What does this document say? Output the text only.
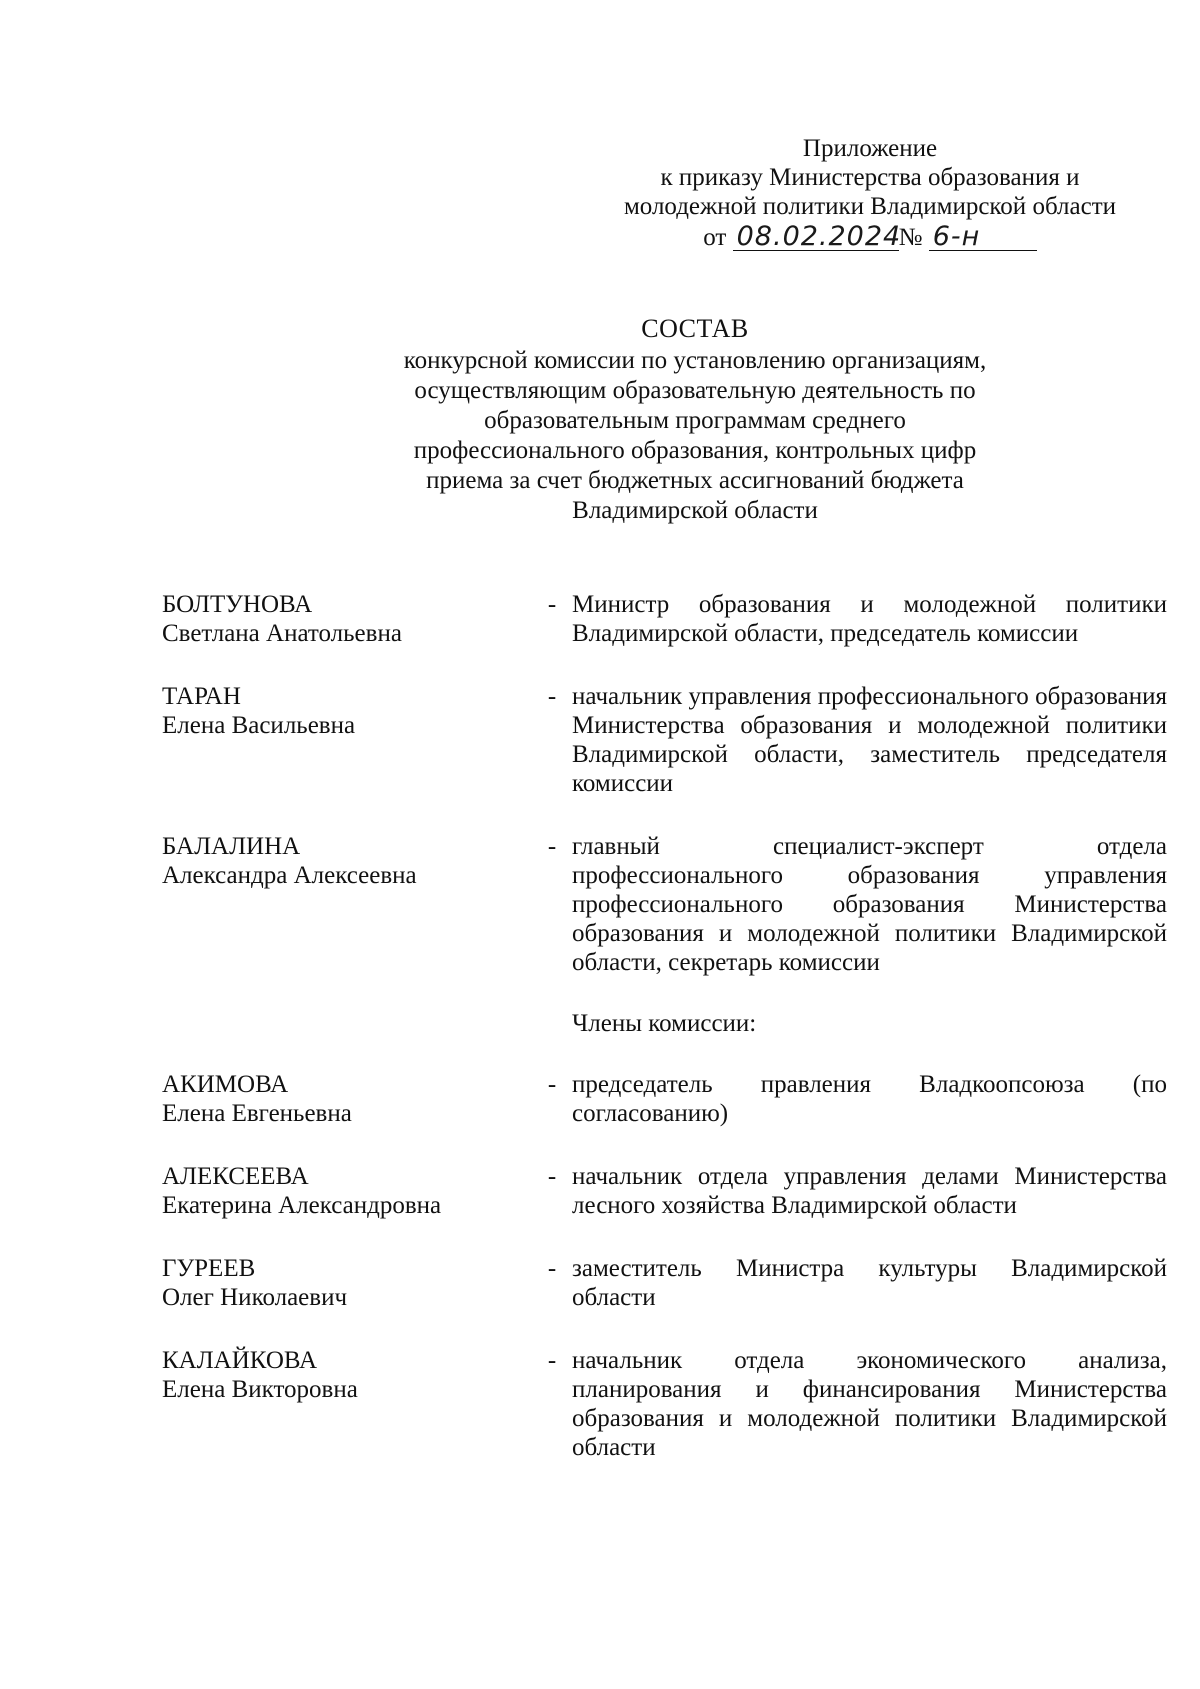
Приложение
к приказу Министерства образования и
молодежной политики Владимирской области
от 08.02.2024№ 6-н
СОСТАВ
конкурсной комиссии по установлению организациям,
осуществляющим образовательную деятельность по
образовательным программам среднего
профессионального образования, контрольных цифр
приема за счет бюджетных ассигнований бюджета
Владимирской области
БОЛТУНОВА
Светлана Анатольевна
- Министр образования и молодежной политики Владимирской области, председатель комиссии
ТАРАН
Елена Васильевна
- начальник управления профессионального образования Министерства образования и молодежной политики Владимирской области, заместитель председателя комиссии
БАЛАЛИНА
Александра Алексеевна
- главный специалист-эксперт отдела профессионального образования управления профессионального образования Министерства образования и молодежной политики Владимирской области, секретарь комиссии
Члены комиссии:
АКИМОВА
Елена Евгеньевна
- председатель правления Владкоопсоюза (по согласованию)
АЛЕКСЕЕВА
Екатерина Александровна
- начальник отдела управления делами Министерства лесного хозяйства Владимирской области
ГУРЕЕВ
Олег Николаевич
- заместитель Министра культуры Владимирской области
КАЛАЙКОВА
Елена Викторовна
- начальник отдела экономического анализа, планирования и финансирования Министерства образования и молодежной политики Владимирской области
